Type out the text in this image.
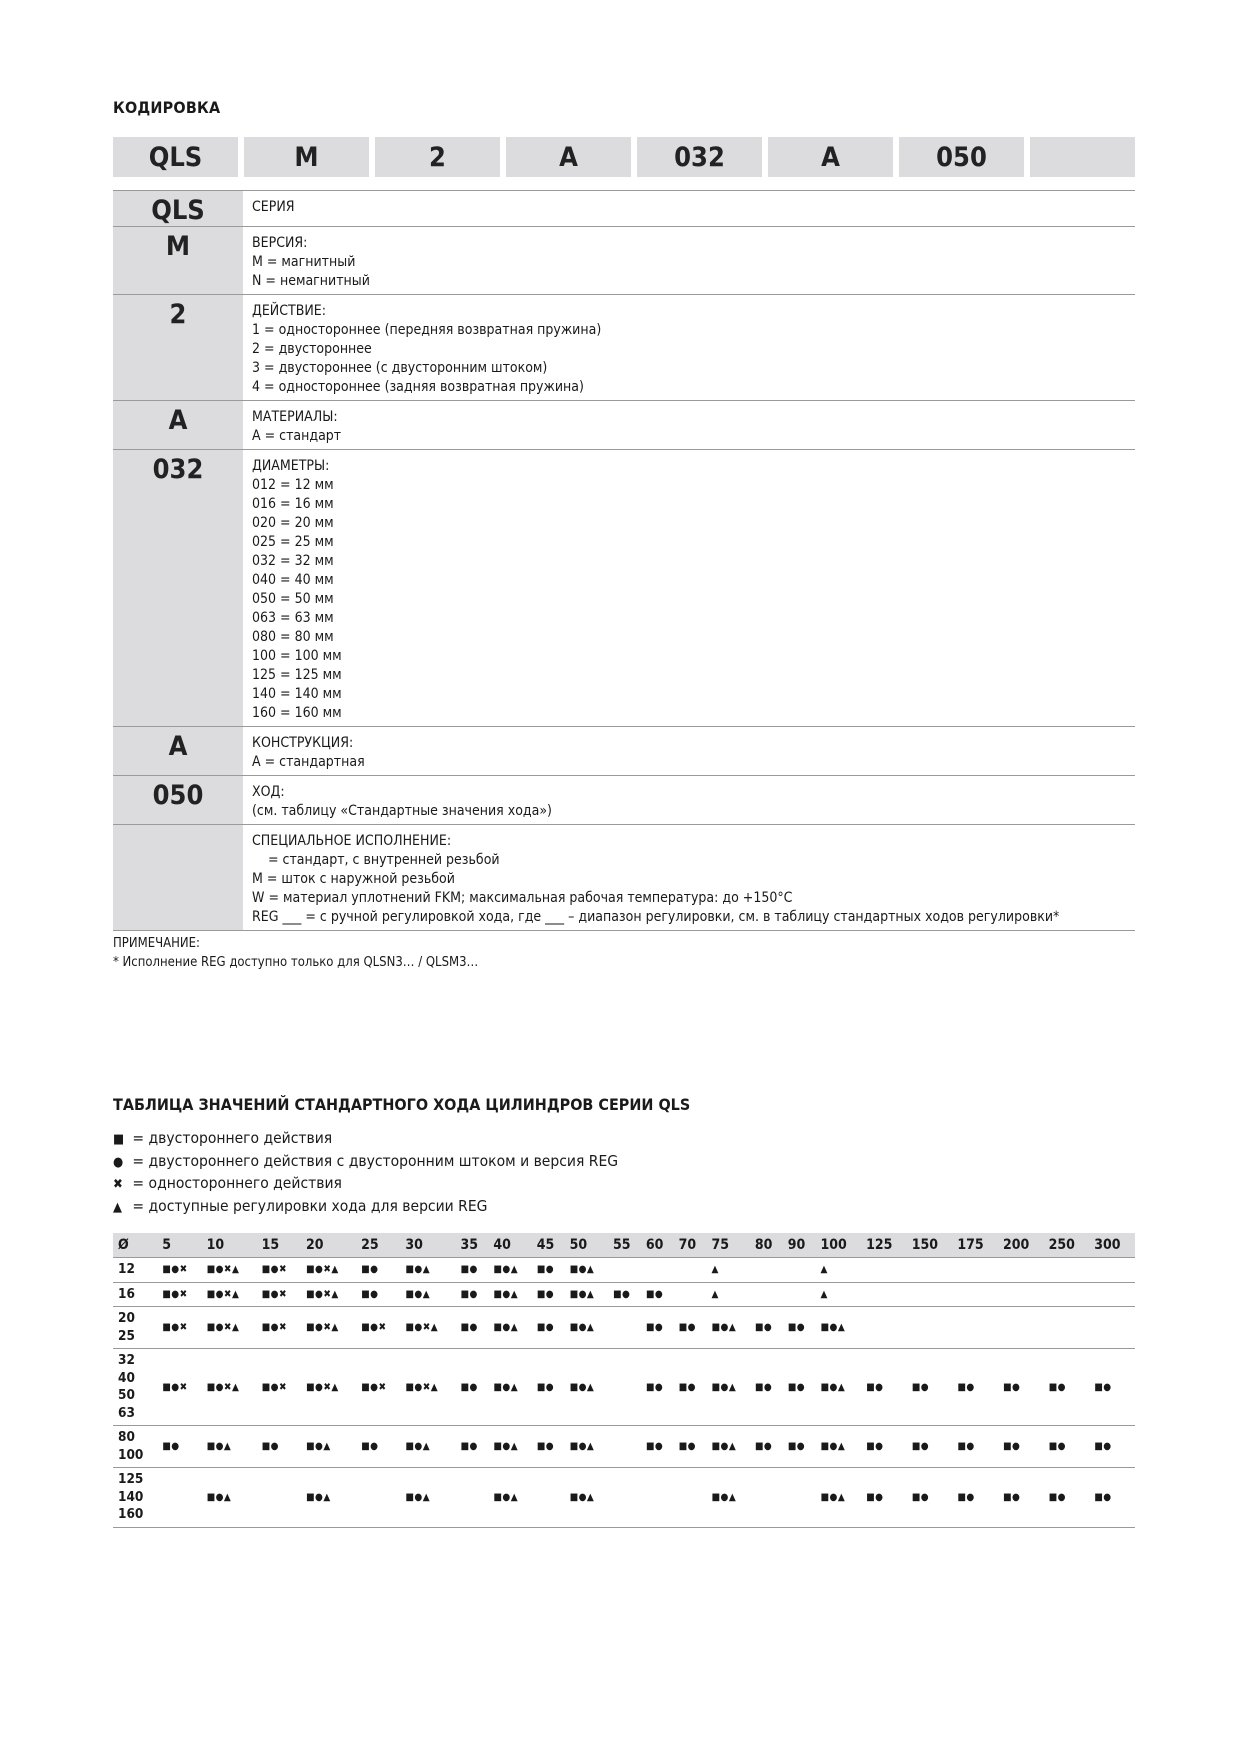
КОДИРОВКА
QLS	M	2	A	032	A	050
QLS	СЕРИЯ
M	ВЕРСИЯ:
M = магнитный
N = немагнитный
2	ДЕЙСТВИЕ:
1 = одностороннее (передняя возвратная пружина)
2 = двустороннее
3 = двустороннее (с двусторонним штоком)
4 = одностороннее (задняя возвратная пружина)
A	МАТЕРИАЛЫ:
A = стандарт
032	ДИАМЕТРЫ:
012 = 12 мм
016 = 16 мм
020 = 20 мм
025 = 25 мм
032 = 32 мм
040 = 40 мм
050 = 50 мм
063 = 63 мм
080 = 80 мм
100 = 100 мм
125 = 125 мм
140 = 140 мм
160 = 160 мм
A	КОНСТРУКЦИЯ:
A = стандартная
050	ХОД:
(см. таблицу «Стандартные значения хода»)
СПЕЦИАЛЬНОЕ ИСПОЛНЕНИЕ:
= стандарт, с внутренней резьбой
M = шток с наружной резьбой
W = материал уплотнений FKM; максимальная рабочая температура: до +150°C
REG ___ = с ручной регулировкой хода, где ___ – диапазон регулировки, см. в таблицу стандартных ходов регулировки*
ПРИМЕЧАНИЕ:
* Исполнение REG доступно только для QLSN3… / QLSM3…
ТАБЛИЦА ЗНАЧЕНИЙ СТАНДАРТНОГО ХОДА ЦИЛИНДРОВ СЕРИИ QLS
■ = двустороннего действия
● = двустороннего действия с двусторонним штоком и версия REG
✖ = одностороннего действия
▲ = доступные регулировки хода для версии REG
Ø	5	10	15	20	25	30	35	40	45	50	55	60	70	75	80	90	100	125	150	175	200	250	300

12	■●✖	■●✖▲	■●✖	■●✖▲	■●	■●▲	■●	■●▲	■●	■●▲				▲			▲						

16	■●✖	■●✖▲	■●✖	■●✖▲	■●	■●▲	■●	■●▲	■●	■●▲	■●	■●		▲			▲						

20
25	■●✖	■●✖▲	■●✖	■●✖▲	■●✖	■●✖▲	■●	■●▲	■●	■●▲		■●	■●	■●▲	■●	■●	■●▲						

32
40
50
63	■●✖	■●✖▲	■●✖	■●✖▲	■●✖	■●✖▲	■●	■●▲	■●	■●▲		■●	■●	■●▲	■●	■●	■●▲	■●	■●	■●	■●	■●	■●

80
100	■●	■●▲	■●	■●▲	■●	■●▲	■●	■●▲	■●	■●▲		■●	■●	■●▲	■●	■●	■●▲	■●	■●	■●	■●	■●	■●

125
140
160		■●▲		■●▲		■●▲		■●▲		■●▲				■●▲			■●▲	■●	■●	■●	■●	■●	■●
